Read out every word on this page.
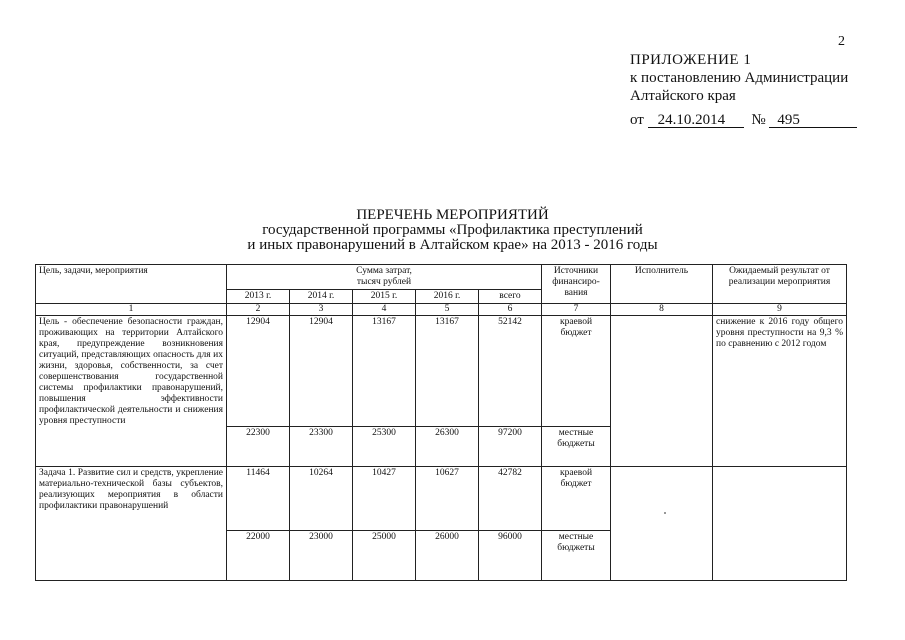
2
ПРИЛОЖЕНИЕ 1
к постановлению Администрации
Алтайского края
от 24.10.2014 № 495
ПЕРЕЧЕНЬ МЕРОПРИЯТИЙ
государственной программы «Профилактика преступлений
и иных правонарушений в Алтайском крае» на 2013 - 2016 годы
Цель, задачи, мероприятия	Сумма затрат,
тысяч рублей					Источники финансиро-вания	Исполнитель	Ожидаемый результат от реализации мероприятия
	2013 г.	2014 г.	2015 г.	2016 г.	всего			
1	2	3	4	5	6	7	8	9
Цель - обеспечение безопасности граждан, проживающих на территории Алтайского края, предупреждение возникновения ситуаций, представляющих опасность для их жизни, здоровья, собственности, за счет совершенствования государственной системы профилактики правонарушений, повышения эффективности профилактической деятельности и снижения уровня преступности	12904	12904	13167	13167	52142	краевой бюджет		снижение к 2016 году общего уровня преступности на 9,3 % по сравнению с 2012 годом
	22300	23300	25300	26300	97200	местные бюджеты		
Задача 1. Развитие сил и средств, укрепление материально-технической базы субъектов, реализующих мероприятия в области профилактики правонарушений	11464	10264	10427	10627	42782	краевой бюджет		
	22000	23000	25000	26000	96000	местные бюджеты		
